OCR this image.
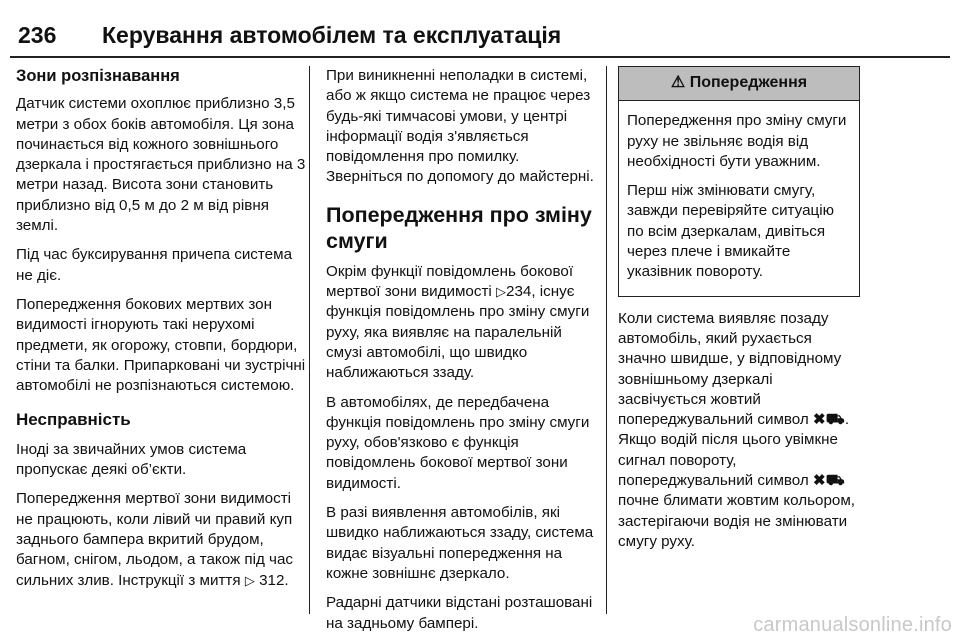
236 Керування автомобілем та експлуатація
Зони розпізнавання

Датчик системи охоплює приблизно 3,5 метри з обох боків автомобіля. Ця зона починається від кожного зовнішнього дзеркала і простягається приблизно на 3 метри назад. Висота зони становить приблизно від 0,5 м до 2 м від рівня землі.

Під час буксирування причепа система не діє.

Попередження бокових мертвих зон видимості ігнорують такі нерухомі предмети, як огорожу, стовпи, бордюри, стіни та балки. Припарковані чи зустрічні автомобілі не розпізнаються системою.

Несправність

Іноді за звичайних умов система пропускає деякі об’єкти.

Попередження мертвої зони видимості не працюють, коли лівий чи правий куп заднього бампера вкритий брудом, багном, снігом, льодом, а також під час сильних злив. Інструкції з миття ▷ 312.

При виникненні неполадки в системі, або ж якщо система не працює через будь-які тимчасові умови, у центрі інформації водія з'являється повідомлення про помилку. Зверніться по допомогу до майстерні.

Попередження про зміну смуги

Окрім функції повідомлень бокової мертвої зони видимості ▷234, існує функція повідомлень про зміну смуги руху, яка виявляє на паралельній смузі автомобілі, що швидко наближаються ззаду.

В автомобілях, де передбачена функція повідомлень про зміну смуги руху, обов'язково є функція повідомлень бокової мертвої зони видимості.

В разі виявлення автомобілів, які швидко наближаються ззаду, система видає візуальні попередження на кожне зовнішнє дзеркало.

Радарні датчики відстані розташовані на задньому бампері.

⚠ Попередження

Попередження про зміну смуги руху не звільняє водія від необхідності бути уважним.

Перш ніж змінювати смугу, завжди перевіряйте ситуацію по всім дзеркалам, дивіться через плече і вмикайте указівник повороту.

Коли система виявляє позаду автомобіль, який рухається значно швидше, у відповідному зовнішньому дзеркалі засвічується жовтий попереджувальний символ ✖⛟. Якщо водій після цього увімкне сигнал повороту, попереджувальний символ ✖⛟ почне блимати жовтим кольором, застерігаючи водія не змінювати смугу руху.

carmanualsonline.info
